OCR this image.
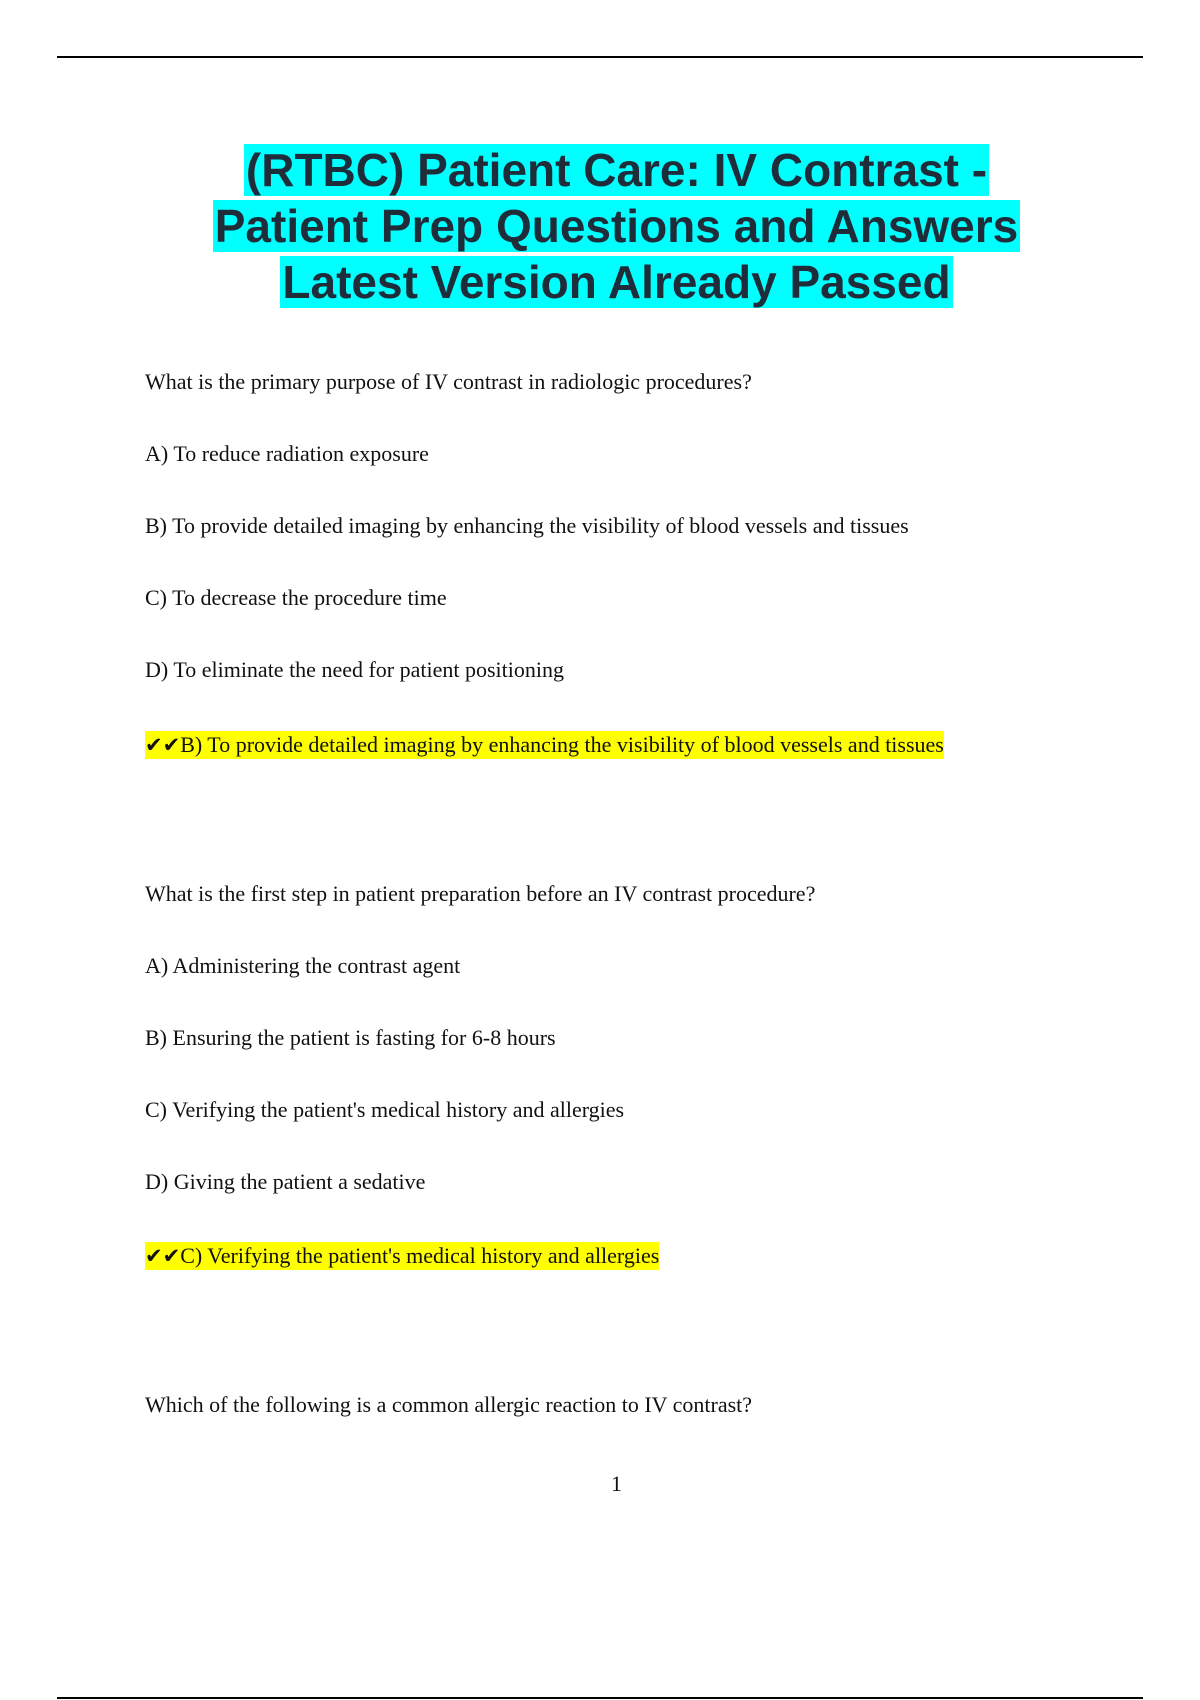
(RTBC) Patient Care: IV Contrast -
Patient Prep Questions and Answers
Latest Version Already Passed
What is the primary purpose of IV contrast in radiologic procedures?
A) To reduce radiation exposure
B) To provide detailed imaging by enhancing the visibility of blood vessels and tissues
C) To decrease the procedure time
D) To eliminate the need for patient positioning
✔✔B) To provide detailed imaging by enhancing the visibility of blood vessels and tissues
What is the first step in patient preparation before an IV contrast procedure?
A) Administering the contrast agent
B) Ensuring the patient is fasting for 6-8 hours
C) Verifying the patient's medical history and allergies
D) Giving the patient a sedative
✔✔C) Verifying the patient's medical history and allergies
Which of the following is a common allergic reaction to IV contrast?
1
